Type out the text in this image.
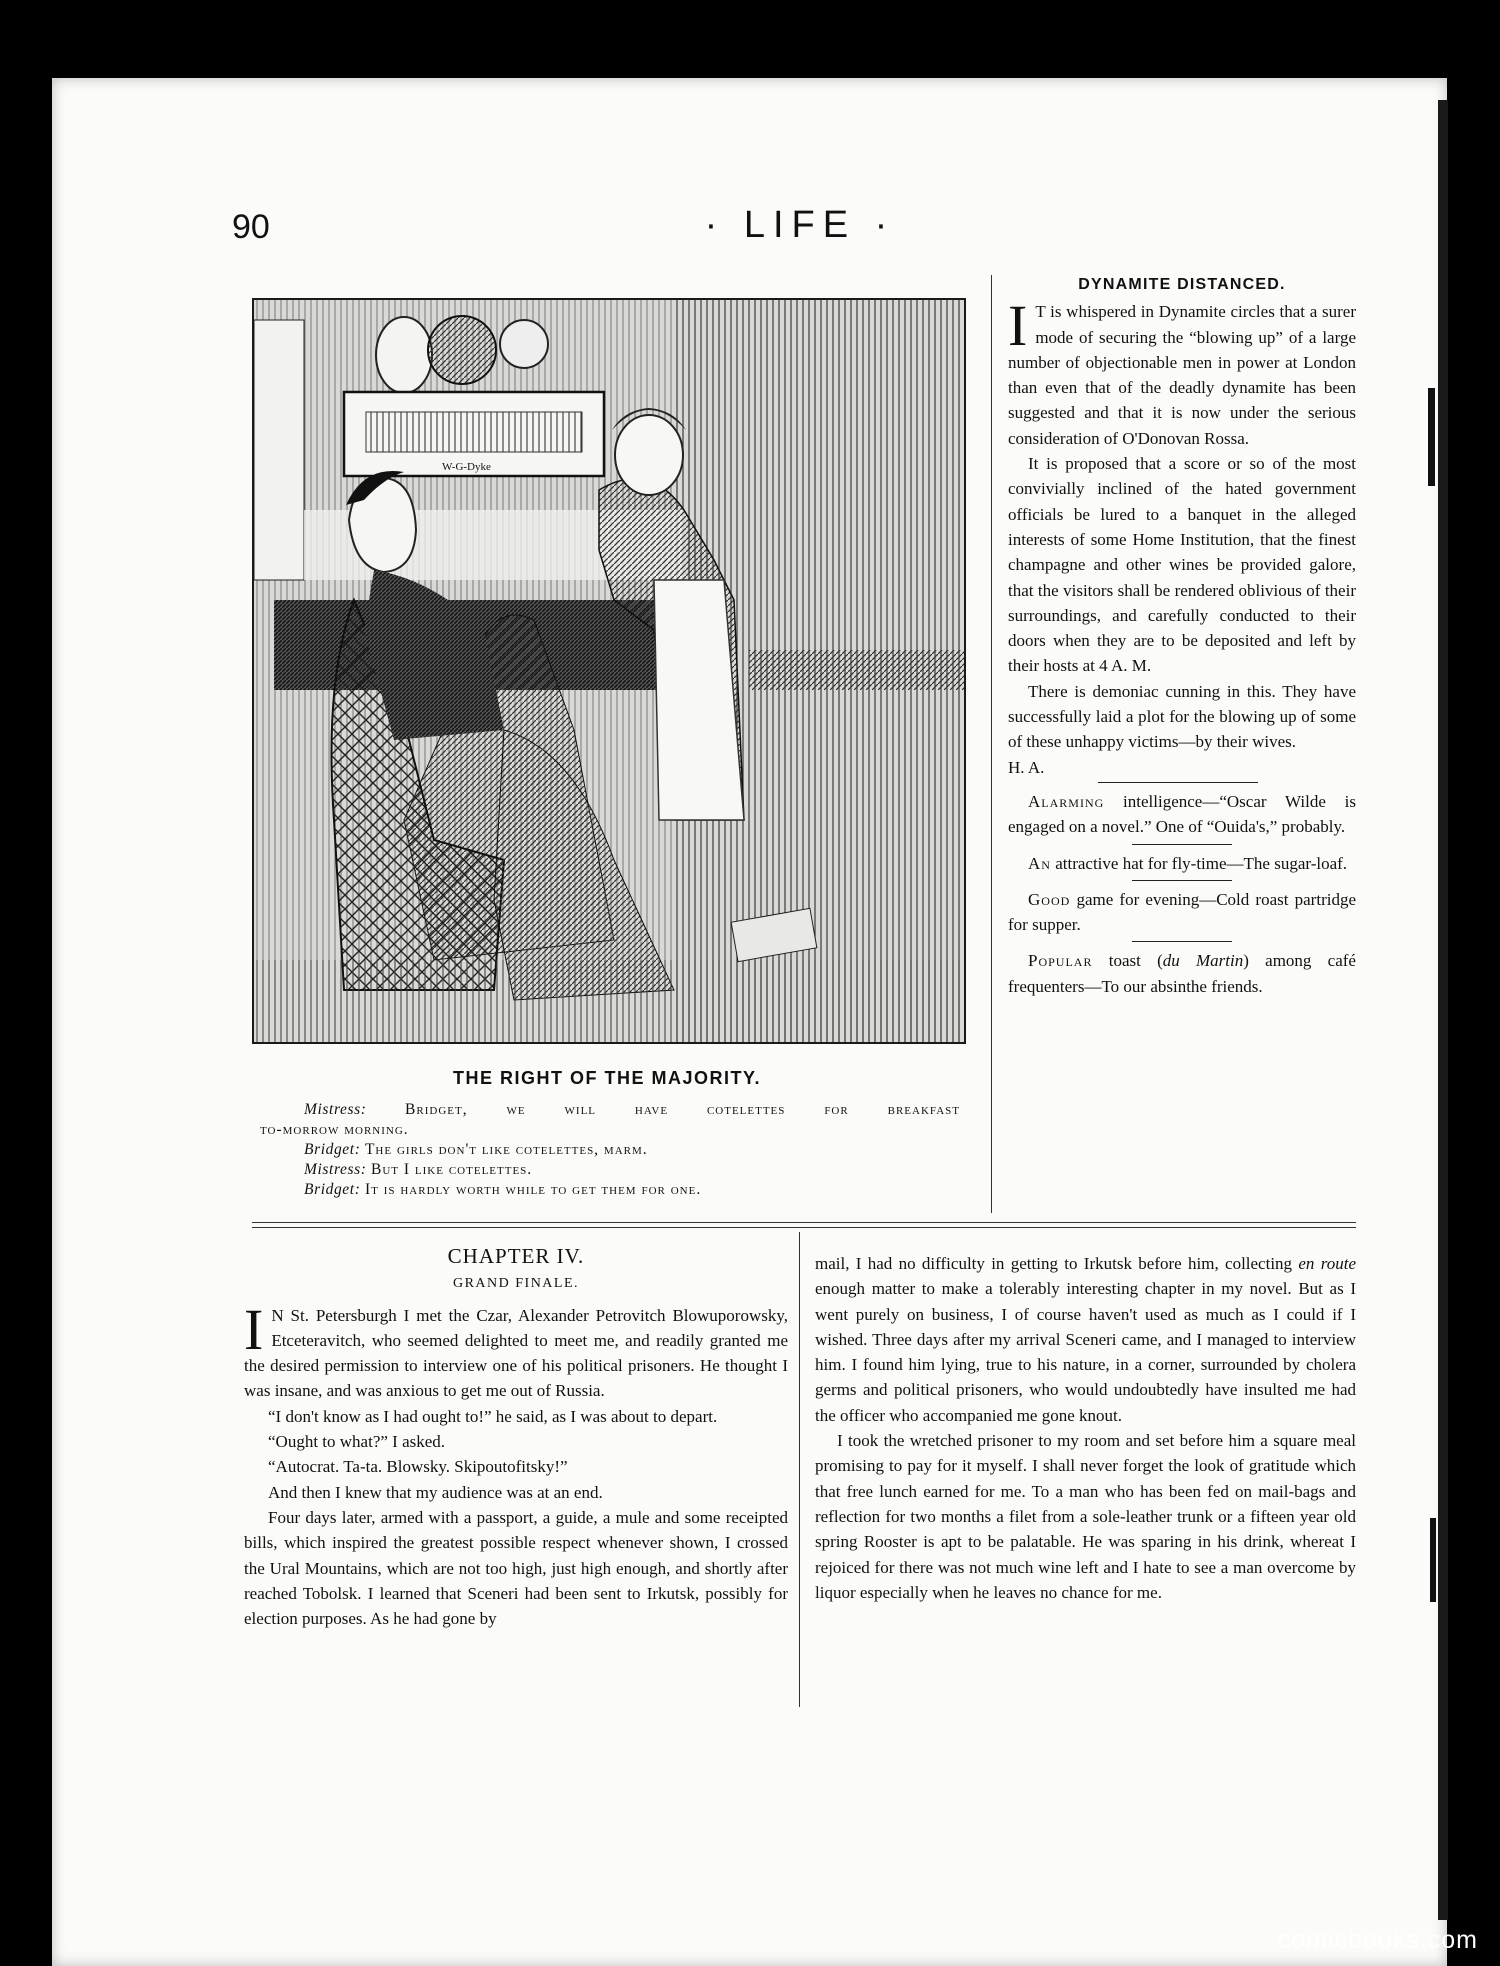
90	· LIFE ·
W-G-Dyke
THE RIGHT OF THE MAJORITY.

Mistress: Bridget, we will have cotelettes for breakfast

to-morrow morning.

Bridget: The girls don't like cotelettes, marm.

Mistress: But I like cotelettes.

Bridget: It is hardly worth while to get them for one.

DYNAMITE DISTANCED.

I T is whispered in Dynamite circles that a surer mode of securing the “blowing up” of a large number of objectionable men in power at London than even that of the deadly dynamite has been suggested and that it is now under the serious consideration of O'Donovan Rossa.

It is proposed that a score or so of the most convivially inclined of the hated government officials be lured to a banquet in the alleged interests of some Home Institution, that the finest champagne and other wines be provided galore, that the visitors shall be rendered oblivious of their surroundings, and carefully conducted to their doors when they are to be deposited and left by their hosts at 4 A. M.

There is demoniac cunning in this. They have successfully laid a plot for the blowing up of some of these unhappy victims—by their wives.

H. A.

Alarming intelligence—“Oscar Wilde is engaged on a novel.” One of “Ouida's,” probably.

An attractive hat for fly-time—The sugar-loaf.

Good game for evening—Cold roast partridge for supper.

Popular toast (du Martin) among café frequenters—To our absinthe friends.

CHAPTER IV.
GRAND FINALE.

I N St. Petersburgh I met the Czar, Alexander Petrovitch Blowuporowsky, Etceteravitch, who seemed delighted to meet me, and readily granted me the desired permission to interview one of his political prisoners. He thought I was insane, and was anxious to get me out of Russia.

“I don't know as I had ought to!” he said, as I was about to depart.

“Ought to what?” I asked.

“Autocrat. Ta-ta. Blowsky. Skipoutofitsky!”

And then I knew that my audience was at an end.

Four days later, armed with a passport, a guide, a mule and some receipted bills, which inspired the greatest possible respect whenever shown, I crossed the Ural Mountains, which are not too high, just high enough, and shortly after reached Tobolsk. I learned that Sceneri had been sent to Irkutsk, possibly for election purposes. As he had gone by

mail, I had no difficulty in getting to Irkutsk before him, collecting en route enough matter to make a tolerably interesting chapter in my novel. But as I went purely on business, I of course haven't used as much as I could if I wished. Three days after my arrival Sceneri came, and I managed to interview him. I found him lying, true to his nature, in a corner, surrounded by cholera germs and political prisoners, who would undoubtedly have insulted me had the officer who accompanied me gone knout.

I took the wretched prisoner to my room and set before him a square meal promising to pay for it myself. I shall never forget the look of gratitude which that free lunch earned for me. To a man who has been fed on mail-bags and reflection for two months a filet from a sole-leather trunk or a fifteen year old spring Rooster is apt to be palatable. He was sparing in his drink, whereat I rejoiced for there was not much wine left and I hate to see a man overcome by liquor especially when he leaves no chance for me.

comicbooks.com
